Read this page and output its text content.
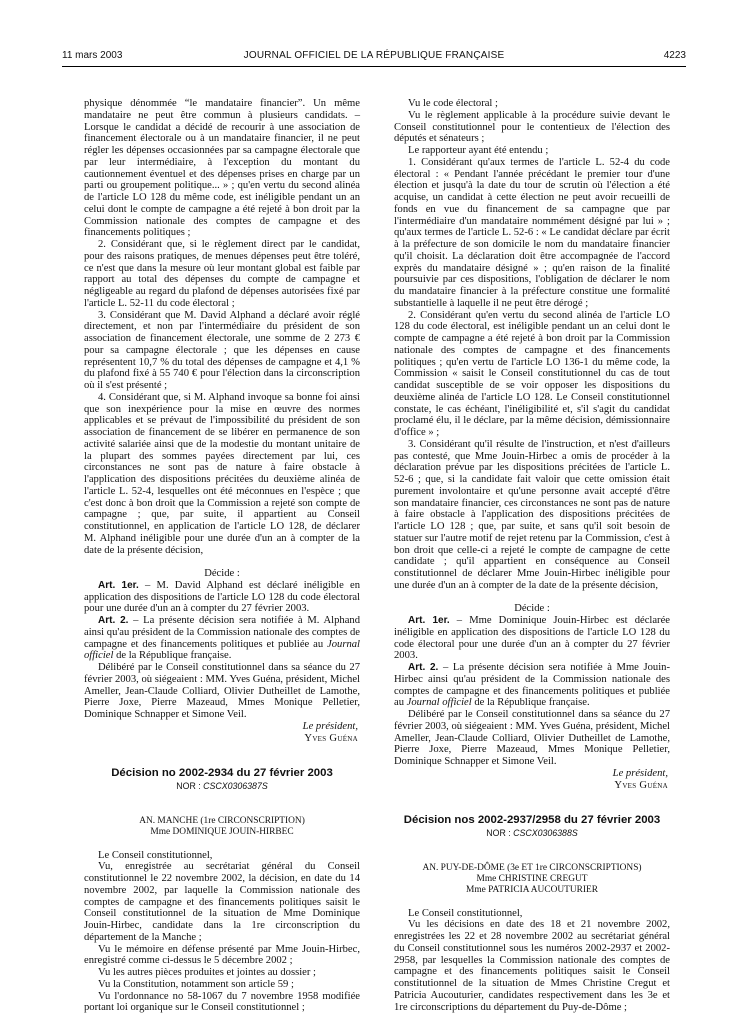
11 mars 2003	JOURNAL OFFICIEL DE LA RÉPUBLIQUE FRANÇAISE	4223

physique dénommée “le mandataire financier”. Un même mandataire ne peut être commun à plusieurs candidats. – Lorsque le candidat a décidé de recourir à une association de financement électorale ou à un mandataire financier, il ne peut régler les dépenses occasionnées par sa campagne électorale que par leur intermédiaire, à l'exception du montant du cautionnement éventuel et des dépenses prises en charge par un parti ou groupement politique... » ; qu'en vertu du second alinéa de l'article LO 128 du même code, est inéligible pendant un an celui dont le compte de campagne a été rejeté à bon droit par la Commission nationale des comptes de campagne et des financements politiques ;

2. Considérant que, si le règlement direct par le candidat, pour des raisons pratiques, de menues dépenses peut être toléré, ce n'est que dans la mesure où leur montant global est faible par rapport au total des dépenses du compte de campagne et négligeable au regard du plafond de dépenses autorisées fixé par l'article L. 52-11 du code électoral ;

3. Considérant que M. David Alphand a déclaré avoir réglé directement, et non par l'intermédiaire du président de son association de financement électorale, une somme de 2 273 € pour sa campagne électorale ; que les dépenses en cause représentent 10,7 % du total des dépenses de campagne et 4,1 % du plafond fixé à 55 740 € pour l'élection dans la circonscription où il s'est présenté ;

4. Considérant que, si M. Alphand invoque sa bonne foi ainsi que son inexpérience pour la mise en œuvre des normes applicables et se prévaut de l'impossibilité du président de son association de financement de se libérer en permanence de son activité salariée ainsi que de la modestie du montant unitaire de la plupart des sommes payées directement par lui, ces circonstances ne sont pas de nature à faire obstacle à l'application des dispositions précitées du deuxième alinéa de l'article L. 52-4, lesquelles ont été méconnues en l'espèce ; que c'est donc à bon droit que la Commission a rejeté son compte de campagne ; que, par suite, il appartient au Conseil constitutionnel, en application de l'article LO 128, de déclarer M. Alphand inéligible pour une durée d'un an à compter de la date de la présente décision,

Décide :

Art. 1er. – M. David Alphand est déclaré inéligible en application des dispositions de l'article LO 128 du code électoral pour une durée d'un an à compter du 27 février 2003.

Art. 2. – La présente décision sera notifiée à M. Alphand ainsi qu'au président de la Commission nationale des comptes de campagne et des financements politiques et publiée au Journal officiel de la République française.

Délibéré par le Conseil constitutionnel dans sa séance du 27 février 2003, où siégeaient : MM. Yves Guéna, président, Michel Ameller, Jean-Claude Colliard, Olivier Dutheillet de Lamothe, Pierre Joxe, Pierre Mazeaud, Mmes Monique Pelletier, Dominique Schnapper et Simone Veil.

Le président,

Yves Guéna

Décision no 2002-2934 du 27 février 2003

NOR : CSCX0306387S

AN. MANCHE (1re CIRCONSCRIPTION)

Mme DOMINIQUE JOUIN-HIRBEC

Le Conseil constitutionnel,

Vu, enregistrée au secrétariat général du Conseil constitutionnel le 22 novembre 2002, la décision, en date du 14 novembre 2002, par laquelle la Commission nationale des comptes de campagne et des financements politiques saisit le Conseil constitutionnel de la situation de Mme Dominique Jouin-Hirbec, candidate dans la 1re circonscription du département de la Manche ;

Vu le mémoire en défense présenté par Mme Jouin-Hirbec, enregistré comme ci-dessus le 5 décembre 2002 ;

Vu les autres pièces produites et jointes au dossier ;

Vu la Constitution, notamment son article 59 ;

Vu l'ordonnance no 58-1067 du 7 novembre 1958 modifiée portant loi organique sur le Conseil constitutionnel ;

Vu le code électoral ;

Vu le règlement applicable à la procédure suivie devant le Conseil constitutionnel pour le contentieux de l'élection des députés et sénateurs ;

Le rapporteur ayant été entendu ;

1. Considérant qu'aux termes de l'article L. 52-4 du code électoral : « Pendant l'année précédant le premier tour d'une élection et jusqu'à la date du tour de scrutin où l'élection a été acquise, un candidat à cette élection ne peut avoir recueilli de fonds en vue du financement de sa campagne que par l'intermédiaire d'un mandataire nommément désigné par lui » ; qu'aux termes de l'article L. 52-6 : « Le candidat déclare par écrit à la préfecture de son domicile le nom du mandataire financier qu'il choisit. La déclaration doit être accompagnée de l'accord exprès du mandataire désigné » ; qu'en raison de la finalité poursuivie par ces dispositions, l'obligation de déclarer le nom du mandataire financier à la préfecture constitue une formalité substantielle à laquelle il ne peut être dérogé ;

2. Considérant qu'en vertu du second alinéa de l'article LO 128 du code électoral, est inéligible pendant un an celui dont le compte de campagne a été rejeté à bon droit par la Commission nationale des comptes de campagne et des financements politiques ; qu'en vertu de l'article LO 136-1 du même code, la Commission « saisit le Conseil constitutionnel du cas de tout candidat susceptible de se voir opposer les dispositions du deuxième alinéa de l'article LO 128. Le Conseil constitutionnel constate, le cas échéant, l'inéligibilité et, s'il s'agit du candidat proclamé élu, il le déclare, par la même décision, démissionnaire d'office » ;

3. Considérant qu'il résulte de l'instruction, et n'est d'ailleurs pas contesté, que Mme Jouin-Hirbec a omis de procéder à la déclaration prévue par les dispositions précitées de l'article L. 52-6 ; que, si la candidate fait valoir que cette omission était purement involontaire et qu'une personne avait accepté d'être son mandataire financier, ces circonstances ne sont pas de nature à faire obstacle à l'application des dispositions précitées de l'article LO 128 ; que, par suite, et sans qu'il soit besoin de statuer sur l'autre motif de rejet retenu par la Commission, c'est à bon droit que celle-ci a rejeté le compte de campagne de cette candidate ; qu'il appartient en conséquence au Conseil constitutionnel de déclarer Mme Jouin-Hirbec inéligible pour une durée d'un an à compter de la date de la présente décision,

Décide :

Art. 1er. – Mme Dominique Jouin-Hirbec est déclarée inéligible en application des dispositions de l'article LO 128 du code électoral pour une durée d'un an à compter du 27 février 2003.

Art. 2. – La présente décision sera notifiée à Mme Jouin-Hirbec ainsi qu'au président de la Commission nationale des comptes de campagne et des financements politiques et publiée au Journal officiel de la République française.

Délibéré par le Conseil constitutionnel dans sa séance du 27 février 2003, où siégeaient : MM. Yves Guéna, président, Michel Ameller, Jean-Claude Colliard, Olivier Dutheillet de Lamothe, Pierre Joxe, Pierre Mazeaud, Mmes Monique Pelletier, Dominique Schnapper et Simone Veil.

Le président,

Yves Guéna

Décision nos 2002-2937/2958 du 27 février 2003

NOR : CSCX0306388S

AN. PUY-DE-DÔME (3e ET 1re CIRCONSCRIPTIONS)

Mme CHRISTINE CREGUT

Mme PATRICIA AUCOUTURIER

Le Conseil constitutionnel,

Vu les décisions en date des 18 et 21 novembre 2002, enregistrées les 22 et 28 novembre 2002 au secrétariat général du Conseil constitutionnel sous les numéros 2002-2937 et 2002-2958, par lesquelles la Commission nationale des comptes de campagne et des financements politiques saisit le Conseil constitutionnel de la situation de Mmes Christine Cregut et Patricia Aucouturier, candidates respectivement dans les 3e et 1re circonscriptions du département du Puy-de-Dôme ;
